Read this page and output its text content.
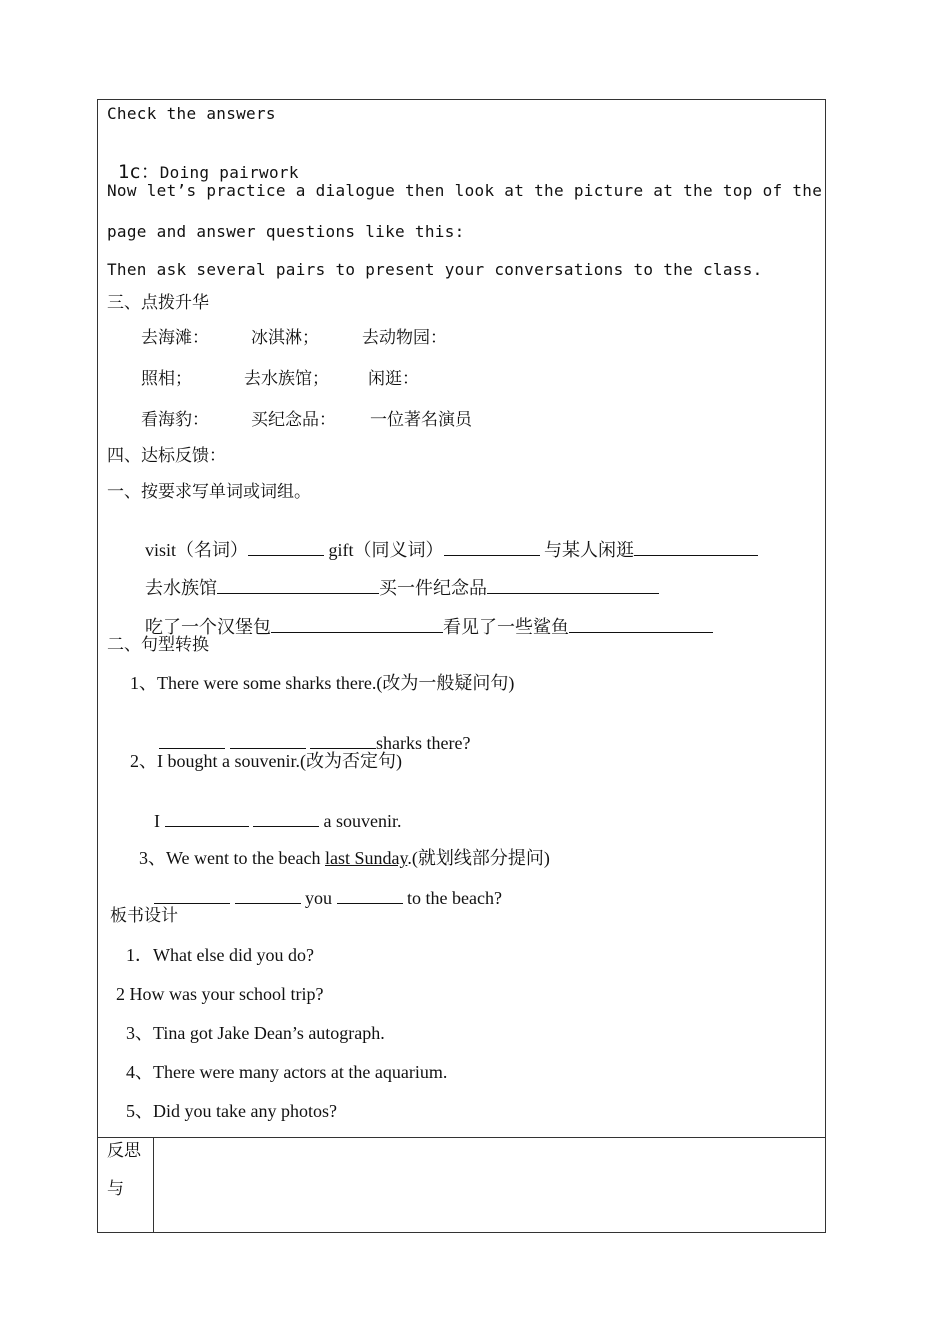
Check the answers

1c：Doing pairwork

Now let’s practice a dialogue then look at the picture at the top of the
page and answer questions like this:
Then ask several pairs to present your conversations to the class.
三、点拨升华
去海滩： 冰淇淋；	去动物园：
照相；	去水族馆； 闲逛：
看海豹： 买纪念品： 一位著名演员
四、达标反馈：
一、按要求写单词或词组。

visit（名词）	gift（同义词）	与某人闲逛

去水族馆	买一件纪念品

吃了一个汉堡包	看见了一些鲨鱼

二、句型转换
1、There were some sharks there.(改为一般疑问句)

sharks there?

2、I bought a souvenir.(改为否定句)

I	a souvenir.

3、We went to the beach last Sunday.(就划线部分提问)

you	to the beach?

板书设计
1．What else did you do?
2 How was your school trip?
3、Tina got Jake Dean’s autograph.
4、There were many actors at the aquarium.
5、Did you take any photos?
反思
与
